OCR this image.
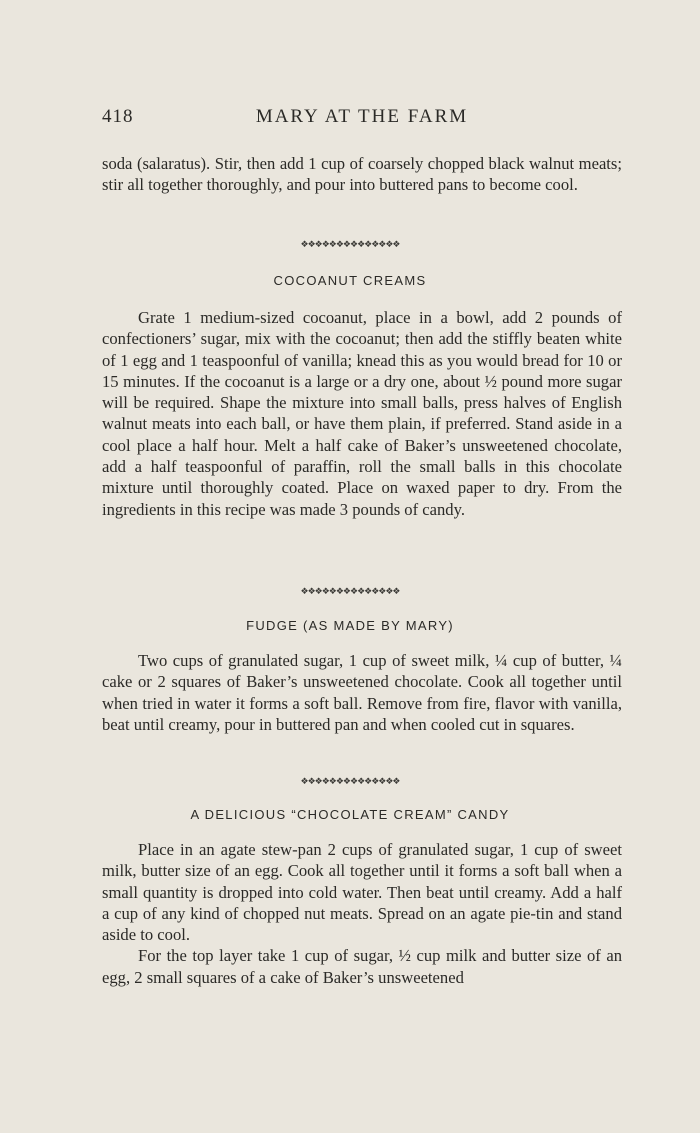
418	MARY AT THE FARM

soda (salaratus). Stir, then add 1 cup of coarsely chopped black walnut meats; stir all together thoroughly, and pour into buttered pans to become cool.

❖❖❖❖❖❖❖❖❖❖❖❖❖❖
COCOANUT CREAMS

Grate 1 medium-sized cocoanut, place in a bowl, add 2 pounds of confectioners’ sugar, mix with the cocoanut; then add the stiffly beaten white of 1 egg and 1 teaspoonful of vanilla; knead this as you would bread for 10 or 15 minutes. If the cocoanut is a large or a dry one, about ½ pound more sugar will be required. Shape the mixture into small balls, press halves of English walnut meats into each ball, or have them plain, if preferred. Stand aside in a cool place a half hour. Melt a half cake of Baker’s unsweetened chocolate, add a half teaspoonful of paraffin, roll the small balls in this chocolate mixture until thoroughly coated. Place on waxed paper to dry. From the ingredients in this recipe was made 3 pounds of candy.

❖❖❖❖❖❖❖❖❖❖❖❖❖❖
FUDGE (AS MADE BY MARY)

Two cups of granulated sugar, 1 cup of sweet milk, ¼ cup of butter, ¼ cake or 2 squares of Baker’s unsweetened chocolate. Cook all together until when tried in water it forms a soft ball. Remove from fire, flavor with vanilla, beat until creamy, pour in buttered pan and when cooled cut in squares.

❖❖❖❖❖❖❖❖❖❖❖❖❖❖
A DELICIOUS “CHOCOLATE CREAM” CANDY

Place in an agate stew-pan 2 cups of granulated sugar, 1 cup of sweet milk, butter size of an egg. Cook all together until it forms a soft ball when a small quantity is dropped into cold water. Then beat until creamy. Add a half a cup of any kind of chopped nut meats. Spread on an agate pie-tin and stand aside to cool.

For the top layer take 1 cup of sugar, ½ cup milk and butter size of an egg, 2 small squares of a cake of Baker’s unsweetened
